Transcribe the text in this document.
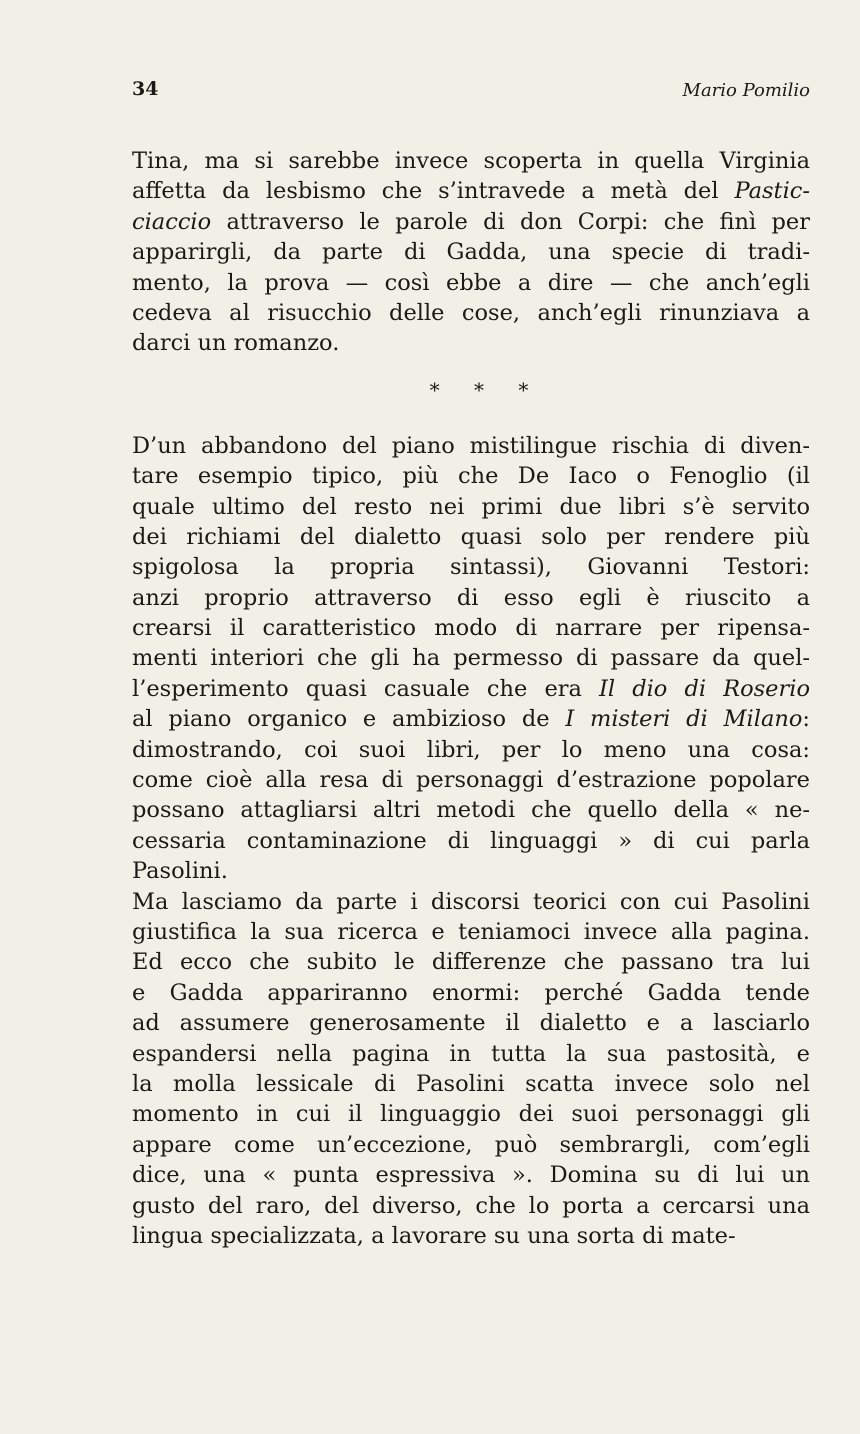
34	Mario Pomilio
Tina, ma si sarebbe invece scoperta in quella Virginia
affetta da lesbismo che s’intravede a metà del Pastic-
ciaccio attraverso le parole di don Corpi: che finì per
apparirgli, da parte di Gadda, una specie di tradi-
mento, la prova — così ebbe a dire — che anch’egli
cedeva al risucchio delle cose, anch’egli rinunziava a
darci un romanzo.
* * *
D’un abbandono del piano mistilingue rischia di diven-
tare esempio tipico, più che De Iaco o Fenoglio (il
quale ultimo del resto nei primi due libri s’è servito
dei richiami del dialetto quasi solo per rendere più
spigolosa la propria sintassi), Giovanni Testori:
anzi proprio attraverso di esso egli è riuscito a
crearsi il caratteristico modo di narrare per ripensa-
menti interiori che gli ha permesso di passare da quel-
l’esperimento quasi casuale che era Il dio di Roserio
al piano organico e ambizioso de I misteri di Milano:
dimostrando, coi suoi libri, per lo meno una cosa:
come cioè alla resa di personaggi d’estrazione popolare
possano attagliarsi altri metodi che quello della « ne-
cessaria contaminazione di linguaggi » di cui parla
Pasolini.
Ma lasciamo da parte i discorsi teorici con cui Pasolini
giustifica la sua ricerca e teniamoci invece alla pagina.
Ed ecco che subito le differenze che passano tra lui
e Gadda appariranno enormi: perché Gadda tende
ad assumere generosamente il dialetto e a lasciarlo
espandersi nella pagina in tutta la sua pastosità, e
la molla lessicale di Pasolini scatta invece solo nel
momento in cui il linguaggio dei suoi personaggi gli
appare come un’eccezione, può sembrargli, com’egli
dice, una « punta espressiva ». Domina su di lui un
gusto del raro, del diverso, che lo porta a cercarsi una
lingua specializzata, a lavorare su una sorta di mate-
